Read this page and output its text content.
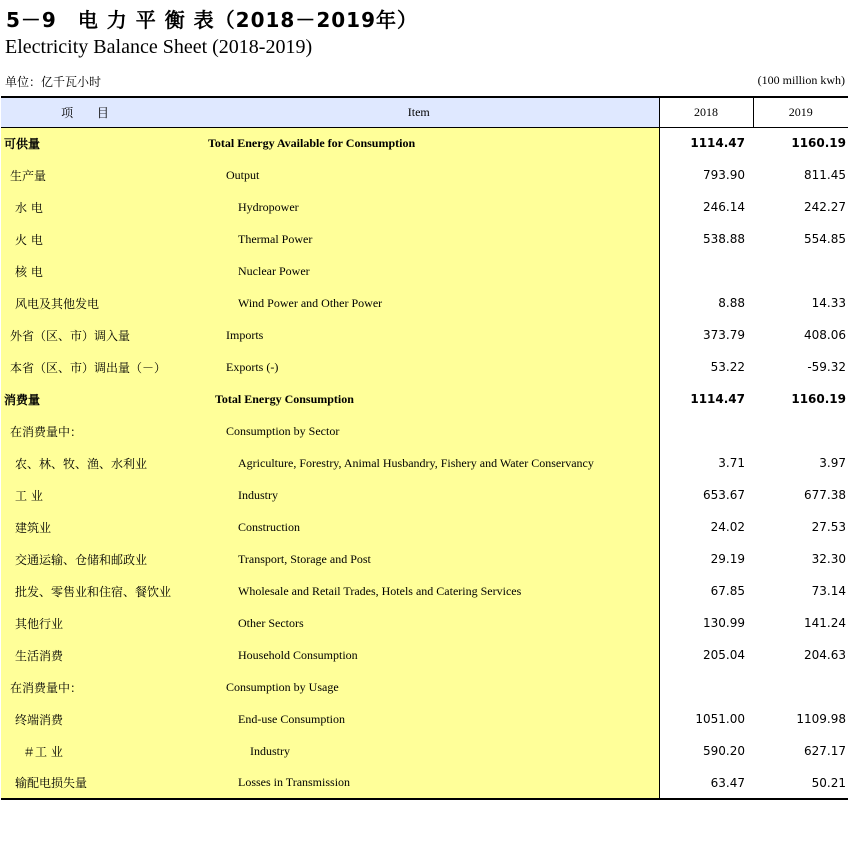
5－9　电 力 平 衡 表（2018－2019年）
Electricity Balance Sheet (2018-2019)
单位：亿千瓦小时	(100 million kwh)
项 目	Item	2018	2019
可供量	Total Energy Available for Consumption	1114.47	1160.19
生产量	Output	793.90	811.45
水 电	Hydropower	246.14	242.27
火 电	Thermal Power	538.88	554.85
核 电	Nuclear Power		
风电及其他发电	Wind Power and Other Power	8.88	14.33
外省（区、市）调入量	Imports	373.79	408.06
本省（区、市）调出量（－）	Exports (-)	53.22	-59.32
消费量	Total Energy Consumption	1114.47	1160.19
在消费量中：	Consumption by Sector		
农、林、牧、渔、水利业	Agriculture, Forestry, Animal Husbandry, Fishery and Water Conservancy	3.71	3.97
工 业	Industry	653.67	677.38
建筑业	Construction	24.02	27.53
交通运输、仓储和邮政业	Transport, Storage and Post	29.19	32.30
批发、零售业和住宿、餐饮业	Wholesale and Retail Trades, Hotels and Catering Services	67.85	73.14
其他行业	Other Sectors	130.99	141.24
生活消费	Household Consumption	205.04	204.63
在消费量中：	Consumption by Usage		
终端消费	End-use Consumption	1051.00	1109.98
＃工 业	Industry	590.20	627.17
输配电损失量	Losses in Transmission	63.47	50.21
